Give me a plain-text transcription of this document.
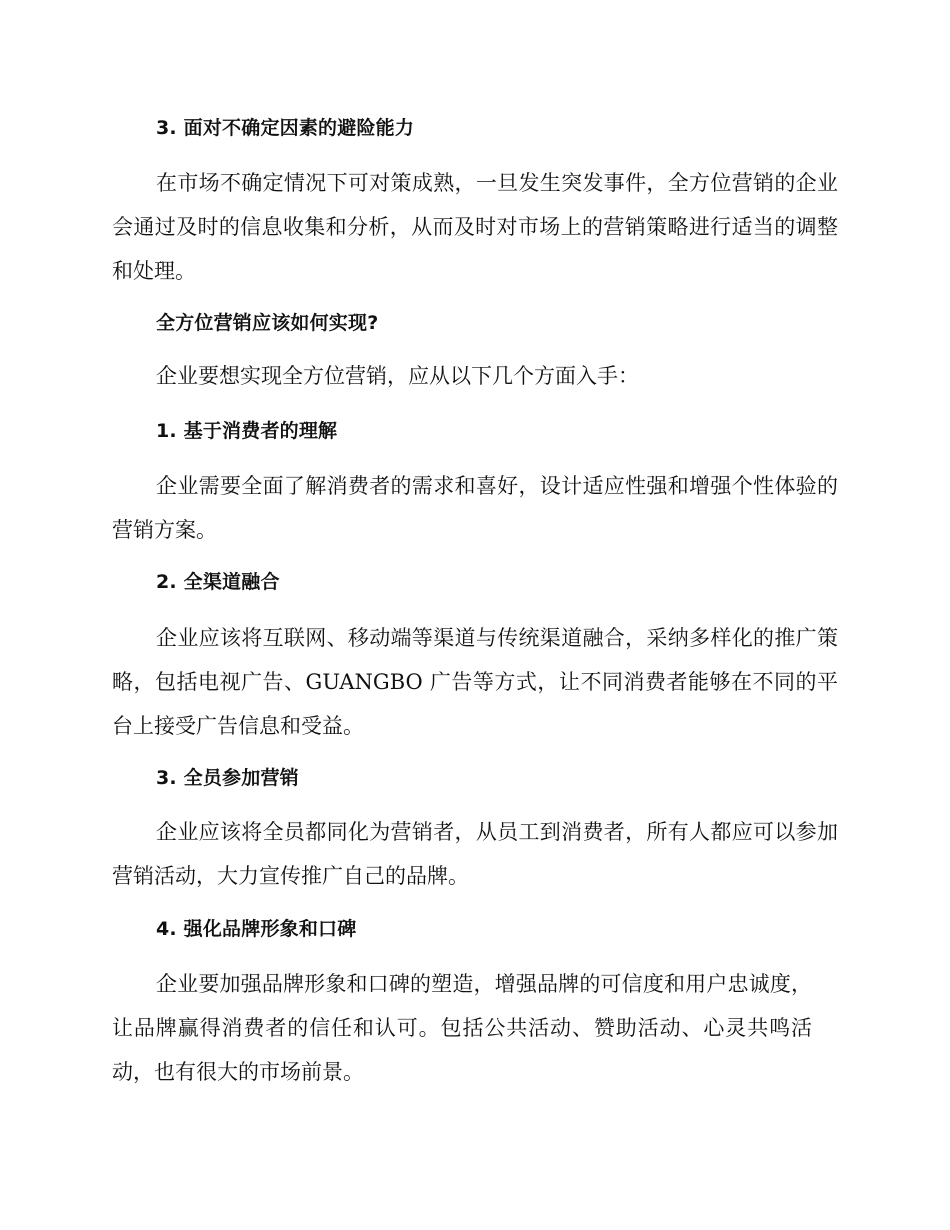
3. 面对不确定因素的避险能力

在市场不确定情况下可对策成熟，一旦发生突发事件，全方位营销的企业会通过及时的信息收集和分析，从而及时对市场上的营销策略进行适当的调整和处理。

全方位营销应该如何实现?

企业要想实现全方位营销，应从以下几个方面入手：

1. 基于消费者的理解

企业需要全面了解消费者的需求和喜好，设计适应性强和增强个性体验的营销方案。

2. 全渠道融合

企业应该将互联网、移动端等渠道与传统渠道融合，采纳多样化的推广策略，包括电视广告、GUANGBO 广告等方式，让不同消费者能够在不同的平台上接受广告信息和受益。

3. 全员参加营销

企业应该将全员都同化为营销者，从员工到消费者，所有人都应可以参加营销活动，大力宣传推广自己的品牌。

4. 强化品牌形象和口碑

企业要加强品牌形象和口碑的塑造，增强品牌的可信度和用户忠诚度，让品牌赢得消费者的信任和认可。包括公共活动、赞助活动、心灵共鸣活动，也有很大的市场前景。
